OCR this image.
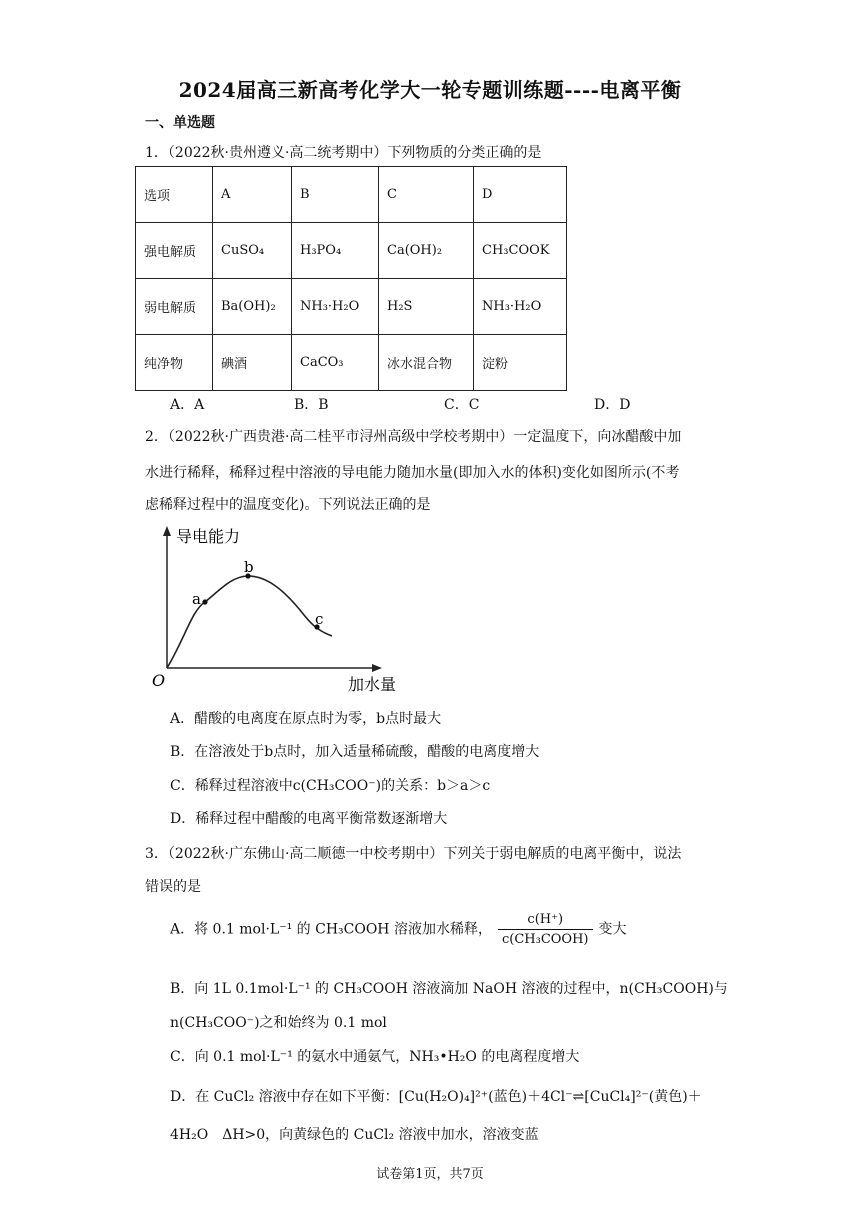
2024届高三新高考化学大一轮专题训练题----电离平衡
一、单选题
1．（2022秋·贵州遵义·高二统考期中）下列物质的分类正确的是
选项	A	B	C	D
强电解质	CuSO₄	H₃PO₄	Ca(OH)₂	CH₃COOK
弱电解质	Ba(OH)₂	NH₃·H₂O	H₂S	NH₃·H₂O
纯净物	碘酒	CaCO₃	冰水混合物	淀粉
A．A	B．B	C．C	D．D
2．（2022秋·广西贵港·高二桂平市浔州高级中学校考期中）一定温度下，向冰醋酸中加
水进行稀释，稀释过程中溶液的导电能力随加水量(即加入水的体积)变化如图所示(不考
虑稀释过程中的温度变化)。下列说法正确的是
a
b
c
O
导电能力
加水量
A．醋酸的电离度在原点时为零，b点时最大
B．在溶液处于b点时，加入适量稀硫酸，醋酸的电离度增大
C．稀释过程溶液中c(CH₃COO⁻)的关系：b＞a＞c
D．稀释过程中醋酸的电离平衡常数逐渐增大
3．（2022秋·广东佛山·高二顺德一中校考期中）下列关于弱电解质的电离平衡中，说法
错误的是
A．将 0.1 mol·L⁻¹ 的 CH₃COOH 溶液加水稀释， $\frac{c(H^+)}{\text{c(CH₃COOH)}}$ 变大
B．向 1L 0.1mol·L⁻¹ 的 CH₃COOH 溶液滴加 NaOH 溶液的过程中，n(CH₃COOH)与
n(CH₃COO⁻)之和始终为 0.1 mol
C．向 0.1 mol·L⁻¹ 的氨水中通氨气，NH₃•H₂O 的电离程度增大
D．在 CuCl₂ 溶液中存在如下平衡：[Cu(H₂O)₄]²⁺(蓝色)＋4Cl⁻⇌[CuCl₄]²⁻(黄色)＋
4H₂O　ΔH>0，向黄绿色的 CuCl₂ 溶液中加水，溶液变蓝
试卷第1页，共7页
